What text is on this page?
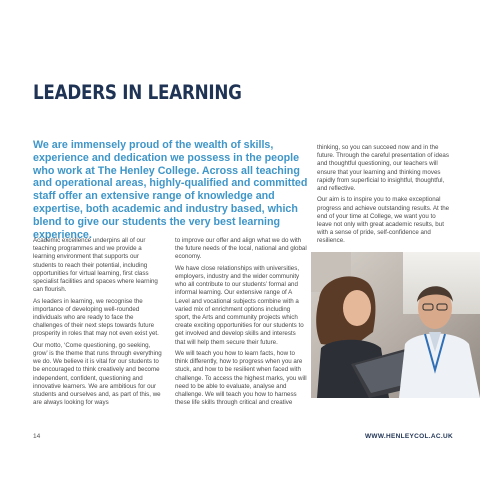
LEADERS IN LEARNING

We are immensely proud of the wealth of skills, experience and dedication we possess in the people who work at The Henley College. Across all teaching and operational areas, highly-qualified and committed staff offer an extensive range of knowledge and expertise, both academic and industry based, which blend to give our students the very best learning experience.

Academic excellence underpins all of our teaching programmes and we provide a learning environment that supports our students to reach their potential, including opportunities for virtual learning, first class specialist facilities and spaces where learning can flourish.

As leaders in learning, we recognise the importance of developing well-rounded individuals who are ready to face the challenges of their next steps towards future prosperity in roles that may not even exist yet.

Our motto, ‘Come questioning, go seeking, grow’ is the theme that runs through everything we do. We believe it is vital for our students to be encouraged to think creatively and become independent, confident, questioning and innovative learners. We are ambitious for our students and ourselves and, as part of this, we are always looking for ways

to improve our offer and align what we do with the future needs of the local, national and global economy.

We have close relationships with universities, employers, industry and the wider community who all contribute to our students’ formal and informal learning. Our extensive range of A Level and vocational subjects combine with a varied mix of enrichment options including sport, the Arts and community projects which create exciting opportunities for our students to get involved and develop skills and interests that will help them secure their future.

We will teach you how to learn facts, how to think differently, how to progress when you are stuck, and how to be resilient when faced with challenge. To access the highest marks, you will need to be able to evaluate, analyse and challenge. We will teach you how to harness these life skills through critical and creative

thinking, so you can succeed now and in the future. Through the careful presentation of ideas and thoughtful questioning, our teachers will ensure that your learning and thinking moves rapidly from superficial to insightful, thoughtful, and reflective.

Our aim is to inspire you to make exceptional progress and achieve outstanding results. At the end of your time at College, we want you to leave not only with great academic results, but with a sense of pride, self-confidence and resilience.

14	WWW.HENLEYCOL.AC.UK
